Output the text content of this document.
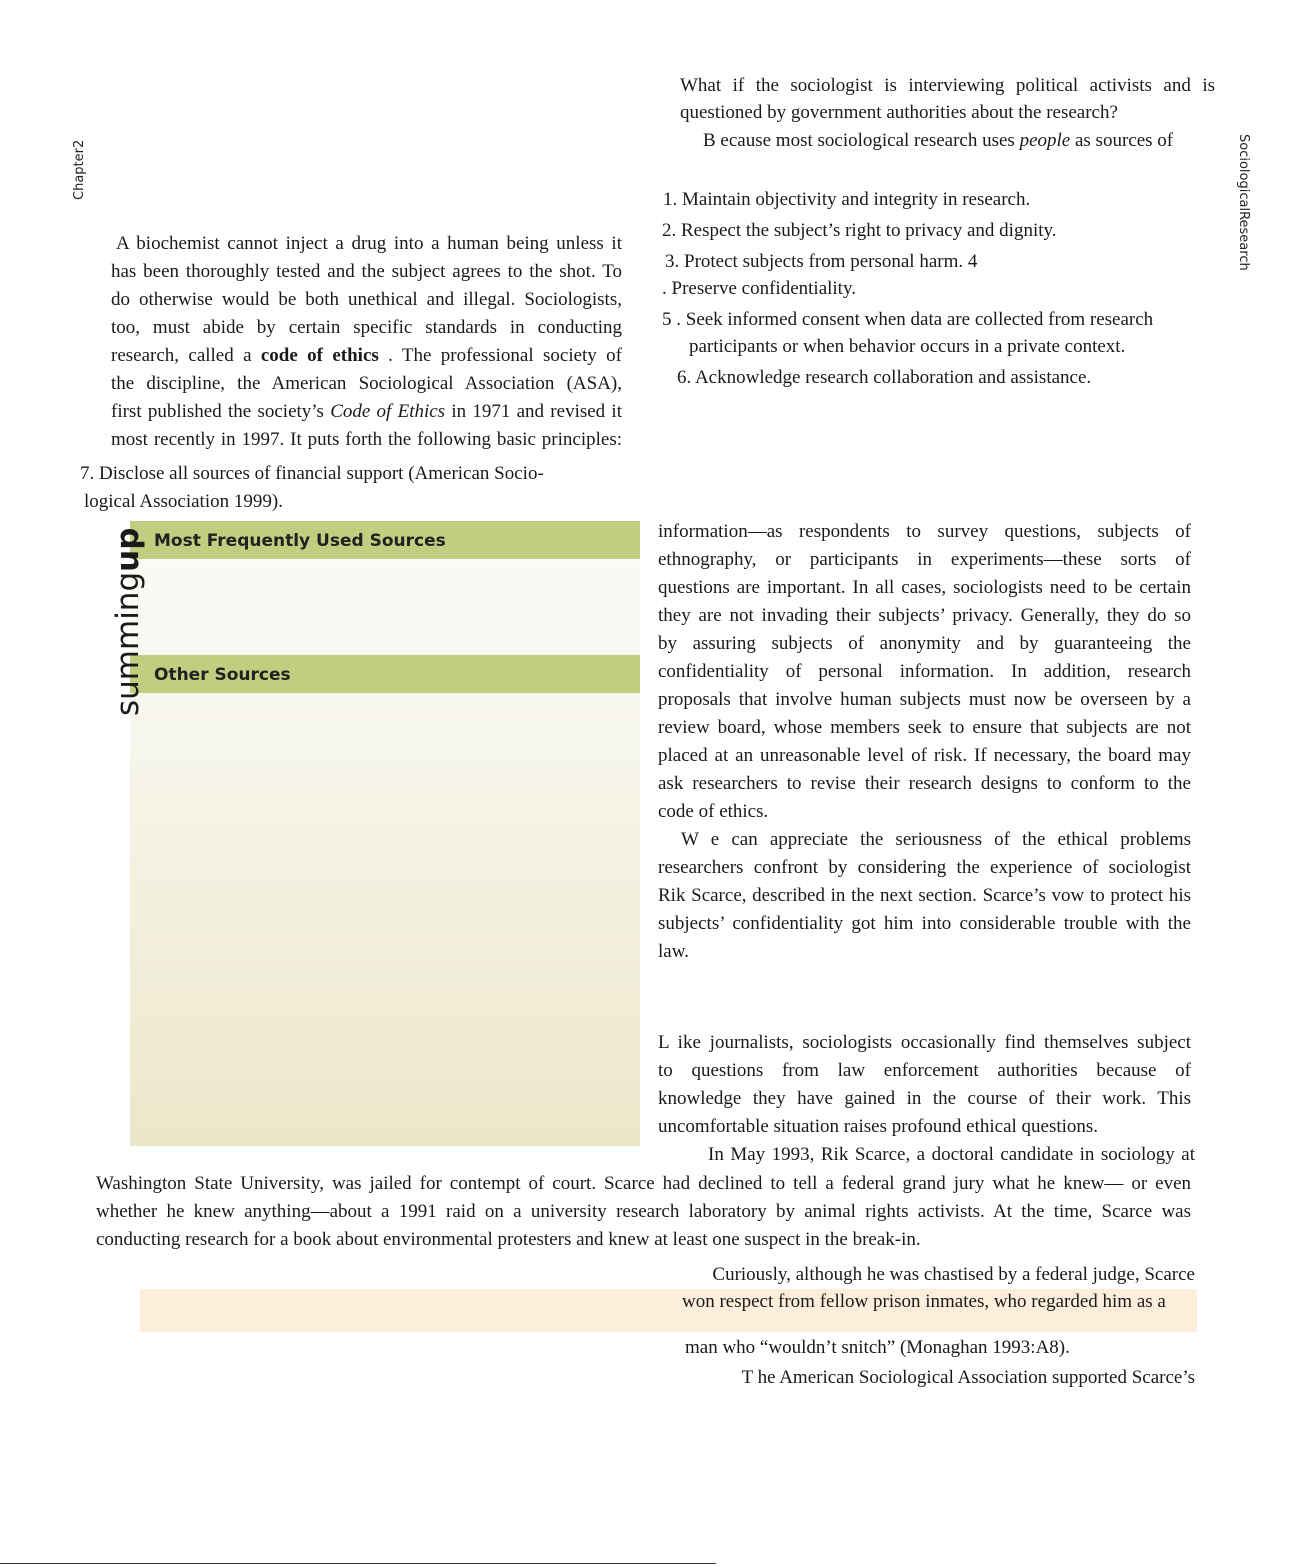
Chapter2	SociologicalResearch
What if the sociologist is interviewing political activists and is
questioned by government authorities about the research?
B ecause most sociological research uses people as sources of
1. Maintain objectivity and integrity in research.
2. Respect the subject’s right to privacy and dignity.
3. Protect subjects from personal harm. 4
. Preserve confidentiality.
5 . Seek informed consent when data are collected from research
participants or when behavior occurs in a private context.
6. Acknowledge research collaboration and assistance.
A biochemist cannot inject a drug into a human being unless it
has been thoroughly tested and the subject agrees to the shot. To
do otherwise would be both unethical and illegal. Sociologists,
too, must abide by certain specific standards in conducting
research, called a code of ethics . The professional society of
the discipline, the American Sociological Association (ASA),
first published the society’s Code of Ethics in 1971 and revised it
most recently in 1997. It puts forth the following basic principles:
7. Disclose all sources of financial support (American Socio-
logical Association 1999).
Most Frequently Used Sources
Other Sources
summingup	information—as respondents to survey questions, subjects of
ethnography, or participants in experiments—these sorts of
questions are important. In all cases, sociologists need to be certain
they are not invading their subjects’ privacy. Generally, they do so
by assuring subjects of anonymity and by guaranteeing the
confidentiality of personal information. In addition, research
proposals that involve human subjects must now be overseen by a
review board, whose members seek to ensure that subjects are not
placed at an unreasonable level of risk. If necessary, the board may
ask researchers to revise their research designs to conform to the
code of ethics.
W e can appreciate the seriousness of the ethical problems
researchers confront by considering the experience of sociologist
Rik Scarce, described in the next section. Scarce’s vow to protect his
subjects’ confidentiality got him into considerable trouble with the
law.
L ike journalists, sociologists occasionally find themselves subject
to questions from law enforcement authorities because of
knowledge they have gained in the course of their work. This
uncomfortable situation raises profound ethical questions.
In May 1993, Rik Scarce, a doctoral candidate in sociology at
Washington State University, was jailed for contempt of court. Scarce had declined to tell a federal grand jury what he knew— or even
whether he knew anything—about a 1991 raid on a university research laboratory by animal rights activists. At the time, Scarce was
conducting research for a book about environmental protesters and knew at least one suspect in the break-in.
Curiously, although he was chastised by a federal judge, Scarce
won respect from fellow prison inmates, who regarded him as a
man who “wouldn’t snitch” (Monaghan 1993:A8).
T he American Sociological Association supported Scarce’s
